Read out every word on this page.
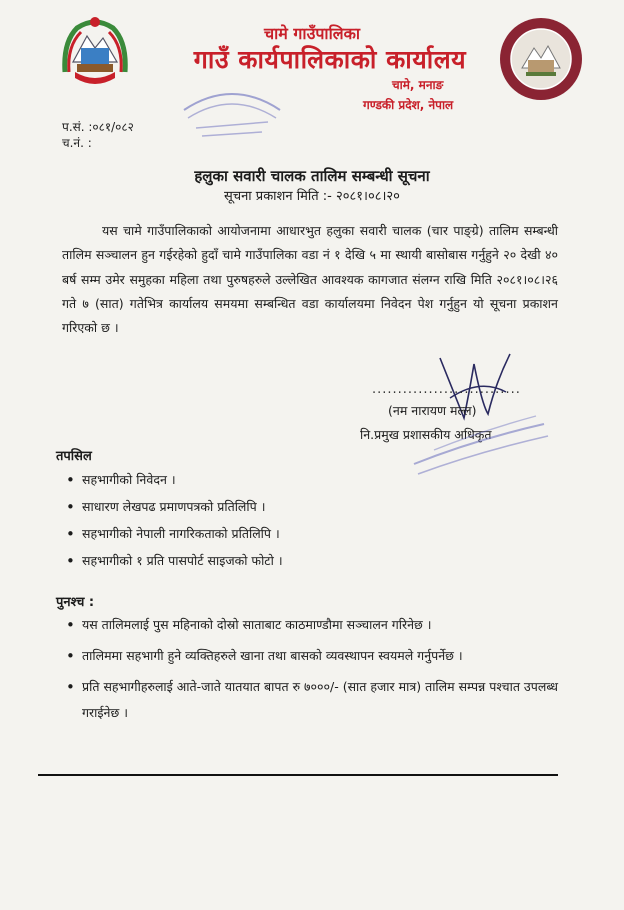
चामे गाउँपालिका
गाउँ कार्यपालिकाको कार्यालय
चामे, मनाङ
गण्डकी प्रदेश, नेपाल
प.सं. :०८१/०८२
च.नं. :
हलुका सवारी चालक तालिम सम्बन्धी सूचना
सूचना प्रकाशन मिति :- २०८१।०८।२०
यस चामे गाउँपालिकाको आयोजनामा आधारभुत हलुका सवारी चालक (चार पाङ्ग्रे) तालिम सम्बन्धी तालिम सञ्चालन हुन गईरहेको हुदाँ चामे गाउँपालिका वडा नं १ देखि ५ मा स्थायी बासोबास गर्नुहुने २० देखी ४० बर्ष सम्म उमेर समुहका महिला तथा पुरुषहरुले उल्लेखित आवश्यक कागजात संलग्न राखि मिति २०८१।०८।२६ गते ७ (सात) गतेभित्र कार्यालय समयमा सम्बन्धित वडा कार्यालयमा निवेदन पेश गर्नुहुन यो सूचना प्रकाशन गरिएको छ ।
.............................
(नम नारायण मल्ल)
नि.प्रमुख प्रशासकीय अधिकृत
तपसिल
• सहभागीको निवेदन ।
• साधारण लेखपढ प्रमाणपत्रको प्रतिलिपि ।
• सहभागीको नेपाली नागरिकताको प्रतिलिपि ।
• सहभागीको १ प्रति पासपोर्ट साइजको फोटो ।
पुनश्च :
• यस तालिमलाई पुस महिनाको दोस्रो साताबाट काठमाण्डौमा सञ्चालन गरिनेछ ।
• तालिममा सहभागी हुने व्यक्तिहरुले खाना तथा बासको व्यवस्थापन स्वयमले गर्नुपर्नेछ ।
• प्रति सहभागीहरुलाई आते-जाते यातयात बापत रु ७०००/- (सात हजार मात्र) तालिम सम्पन्न पश्चात उपलब्ध गराईनेछ ।
